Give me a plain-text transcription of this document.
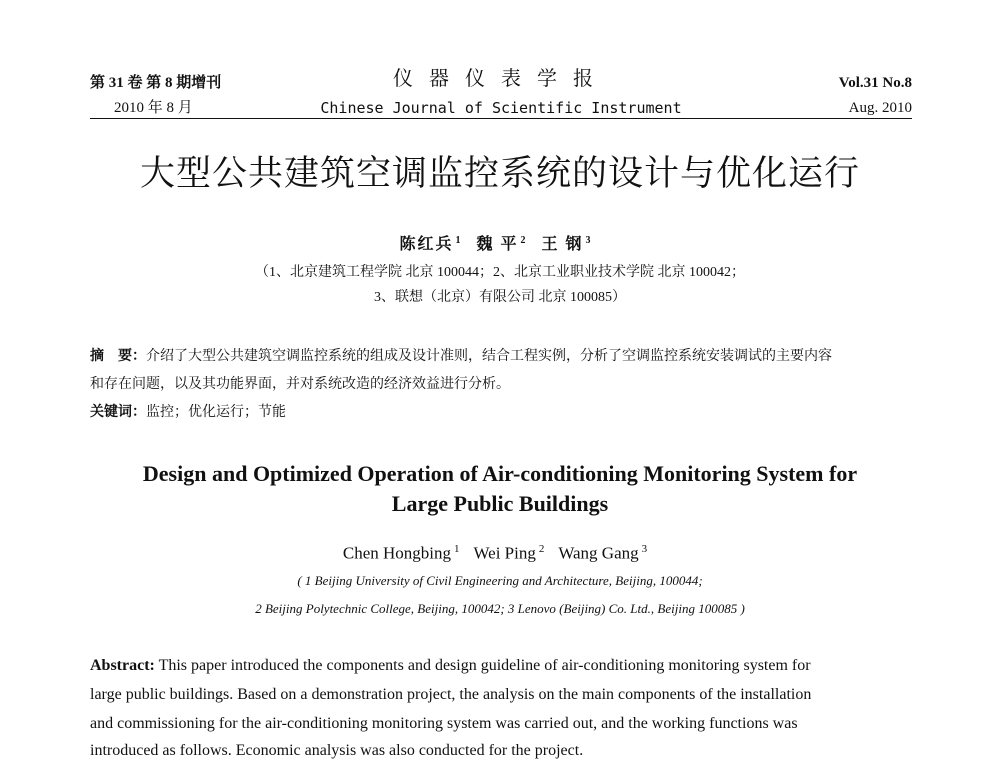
第 31 卷 第 8 期增刊	仪器仪表学报	Vol.31 No.8
2010 年 8 月	Chinese Journal of Scientific Instrument	Aug. 2010
大型公共建筑空调监控系统的设计与优化运行
陈红兵 $^1$ 魏 平 $^2$ 王 钢 $^3$
（1、北京建筑工程学院 北京 100044；2、北京工业职业技术学院 北京 100042；
3、联想（北京）有限公司 北京 100085）
摘　要：介绍了大型公共建筑空调监控系统的组成及设计准则，结合工程实例，分析了空调监控系统安装调试的主要内容
和存在问题，以及其功能界面，并对系统改造的经济效益进行分析。
关键词：监控；优化运行；节能
Design and Optimized Operation of Air-conditioning Monitoring System for
Large Public Buildings
Chen Hongbing $^1$ Wei Ping $^2$ Wang Gang $^3$
( 1 Beijing University of Civil Engineering and Architecture, Beijing, 100044;
2 Beijing Polytechnic College, Beijing, 100042; 3 Lenovo (Beijing) Co. Ltd., Beijing 100085 )
Abstract: This paper introduced the components and design guideline of air-conditioning monitoring system for
large public buildings. Based on a demonstration project, the analysis on the main components of the installation
and commissioning for the air-conditioning monitoring system was carried out, and the working functions was
introduced as follows. Economic analysis was also conducted for the project.
